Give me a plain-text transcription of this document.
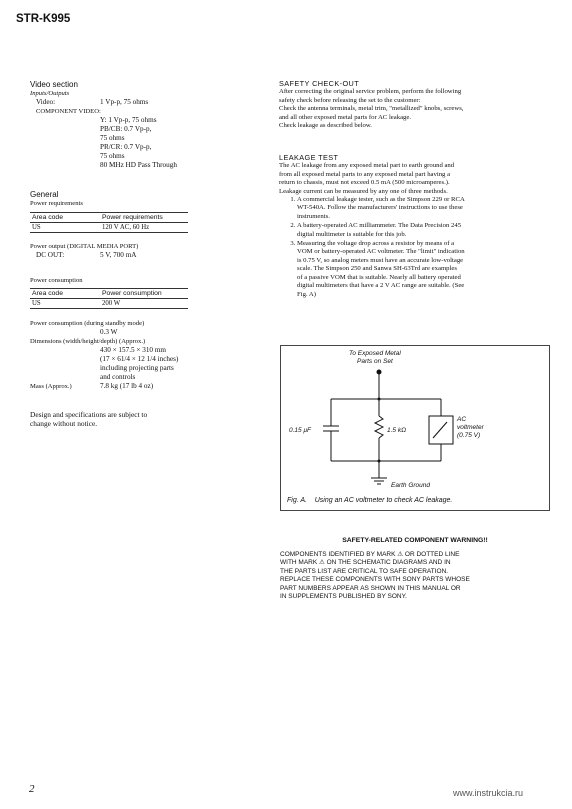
STR-K995
Video section
Inputs/Outputs
Video:	1 Vp-p, 75 ohms
COMPONENT VIDEO:
Y: 1 Vp-p, 75 ohms
PB/CB: 0.7 Vp-p,
75 ohms
PR/CR: 0.7 Vp-p,
75 ohms
80 MHz HD Pass Through
General
Power requirements
Area code	Power requirements
US	120 V AC, 60 Hz
Power output (DIGITAL MEDIA PORT)
DC OUT:	5 V, 700 mA
Power consumption
Area code	Power consumption
US	200 W
Power consumption (during standby mode)
0.3 W
Dimensions (width/height/depth) (Approx.)
430 × 157.5 × 310 mm
(17 × 61/4 × 12 1/4 inches)
including projecting parts
and controls
Mass (Approx.)	7.8 kg (17 lb 4 oz)
Design and specifications are subject to
change without notice.
SAFETY CHECK-OUT
After correcting the original service problem, perform the following
safety check before releasing the set to the customer:
Check the antenna terminals, metal trim, "metallized" knobs, screws,
and all other exposed metal parts for AC leakage.
Check leakage as described below.
LEAKAGE TEST
The AC leakage from any exposed metal part to earth ground and
from all exposed metal parts to any exposed metal part having a
return to chassis, must not exceed 0.5 mA (500 microamperes.).
Leakage current can be measured by any one of three methods.
1. A commercial leakage tester, such as the Simpson 229 or RCA
WT-540A. Follow the manufacturers' instructions to use these
instruments.
2. A battery-operated AC milliammeter. The Data Precision 245
digital multimeter is suitable for this job.
3. Measuring the voltage drop across a resistor by means of a
VOM or battery-operated AC voltmeter. The "limit" indication
is 0.75 V, so analog meters must have an accurate low-voltage
scale. The Simpson 250 and Sanwa SH-63Trd are examples
of a passive VOM that is suitable. Nearly all battery operated
digital multimeters that have a 2 V AC range are suitable. (See
Fig. A)
To Exposed Metal
Parts on Set
0.15 μF	1.5 kΩ
AC
voltmeter
(0.75 V)
Earth Ground
Fig. A.    Using an AC voltmeter to check AC leakage.
SAFETY-RELATED COMPONENT WARNING!!
COMPONENTS IDENTIFIED BY MARK ⚠ OR DOTTED LINE
WITH MARK ⚠ ON THE SCHEMATIC DIAGRAMS AND IN
THE PARTS LIST ARE CRITICAL TO SAFE OPERATION.
REPLACE THESE COMPONENTS WITH SONY PARTS WHOSE
PART NUMBERS APPEAR AS SHOWN IN THIS MANUAL OR
IN SUPPLEMENTS PUBLISHED BY SONY.
2	www.instrukcia.ru
